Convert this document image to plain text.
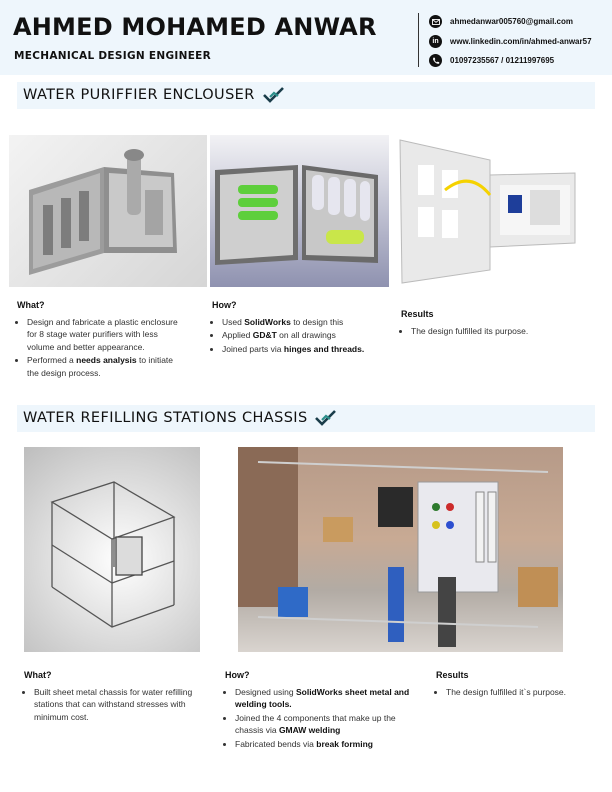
AHMED MOHAMED ANWAR
MECHANICAL DESIGN ENGINEER
ahmedanwar005760@gmail.com
in	www.linkedin.com/in/ahmed-anwar57
01097235567 / 01211997695
WATER PURIFFIER ENCLOUSER
What?
• Design and fabricate a plastic enclosure for 8 stage water purifiers with less volume and better appearance.
• Performed a needs analysis to initiate the design process.
How?
• Used SolidWorks to design this
• Applied GD&T on all drawings
• Joined parts via hinges and threads.
Results
• The design fulfilled its purpose.
WATER REFILLING STATIONS CHASSIS
What?
• Built sheet metal chassis for water refilling stations that can withstand stresses with minimum cost.
How?
• Designed using SolidWorks sheet metal and welding tools.
• Joined the 4 components that make up the chassis via GMAW welding
• Fabricated bends via break forming
Results
• The design fulfilled it`s purpose.
